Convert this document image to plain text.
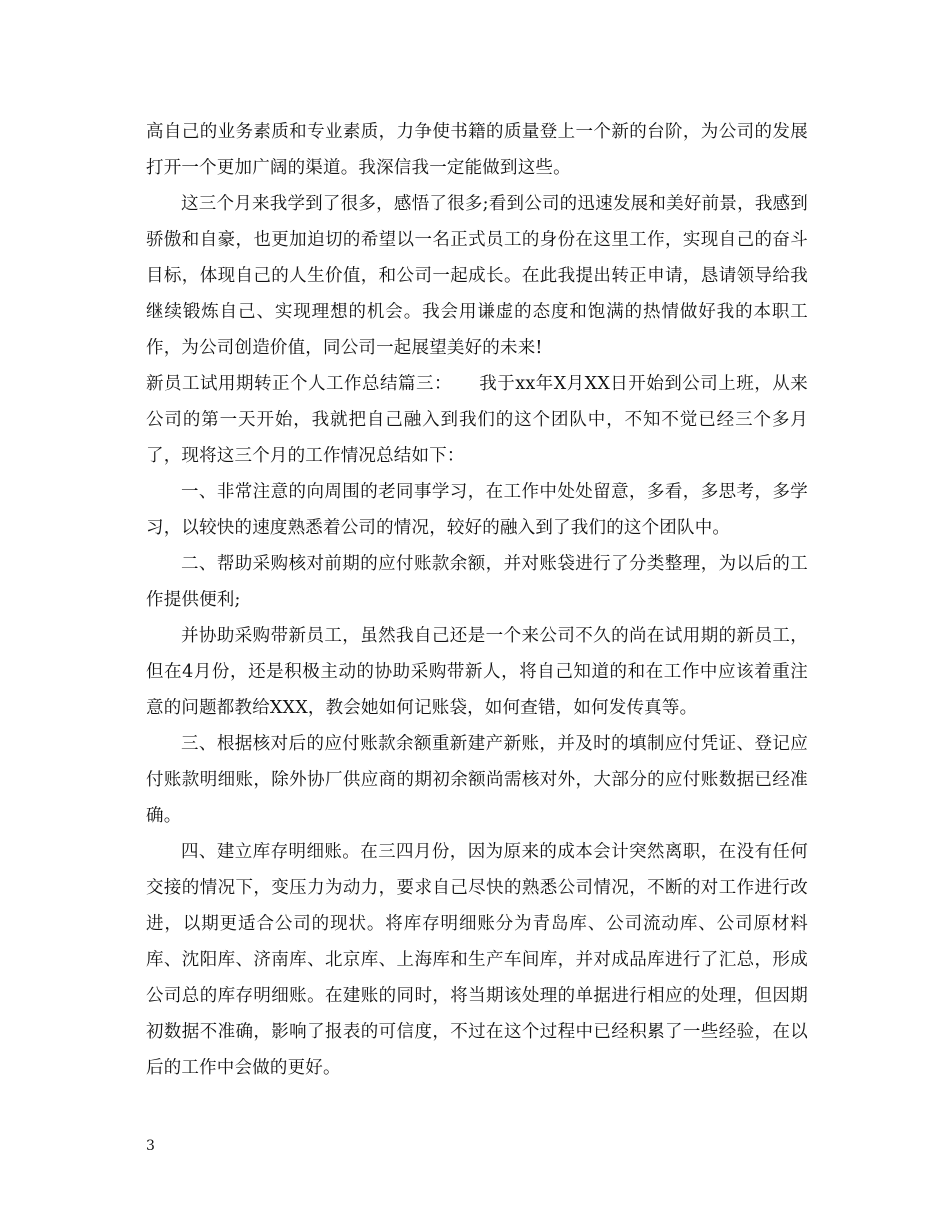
高自己的业务素质和专业素质，力争使书籍的质量登上一个新的台阶，为公司的发展打开一个更加广阔的渠道。我深信我一定能做到这些。

这三个月来我学到了很多，感悟了很多;看到公司的迅速发展和美好前景，我感到骄傲和自豪，也更加迫切的希望以一名正式员工的身份在这里工作，实现自己的奋斗目标，体现自己的人生价值，和公司一起成长。在此我提出转正申请，恳请领导给我继续锻炼自己、实现理想的机会。我会用谦虚的态度和饱满的热情做好我的本职工作，为公司创造价值，同公司一起展望美好的未来!

新员工试用期转正个人工作总结篇三：　　我于xx年X月XX日开始到公司上班，从来公司的第一天开始，我就把自己融入到我们的这个团队中，不知不觉已经三个多月了，现将这三个月的工作情况总结如下：

一、非常注意的向周围的老同事学习，在工作中处处留意，多看，多思考，多学习，以较快的速度熟悉着公司的情况，较好的融入到了我们的这个团队中。

二、帮助采购核对前期的应付账款余额，并对账袋进行了分类整理，为以后的工作提供便利;

并协助采购带新员工，虽然我自己还是一个来公司不久的尚在试用期的新员工，但在4月份，还是积极主动的协助采购带新人，将自己知道的和在工作中应该着重注意的问题都教给XXX，教会她如何记账袋，如何查错，如何发传真等。

三、根据核对后的应付账款余额重新建产新账，并及时的填制应付凭证、登记应付账款明细账，除外协厂供应商的期初余额尚需核对外，大部分的应付账数据已经准确。

四、建立库存明细账。在三四月份，因为原来的成本会计突然离职，在没有任何交接的情况下，变压力为动力，要求自己尽快的熟悉公司情况，不断的对工作进行改进，以期更适合公司的现状。将库存明细账分为青岛库、公司流动库、公司原材料库、沈阳库、济南库、北京库、上海库和生产车间库，并对成品库进行了汇总，形成公司总的库存明细账。在建账的同时，将当期该处理的单据进行相应的处理，但因期初数据不准确，影响了报表的可信度，不过在这个过程中已经积累了一些经验，在以后的工作中会做的更好。

3
